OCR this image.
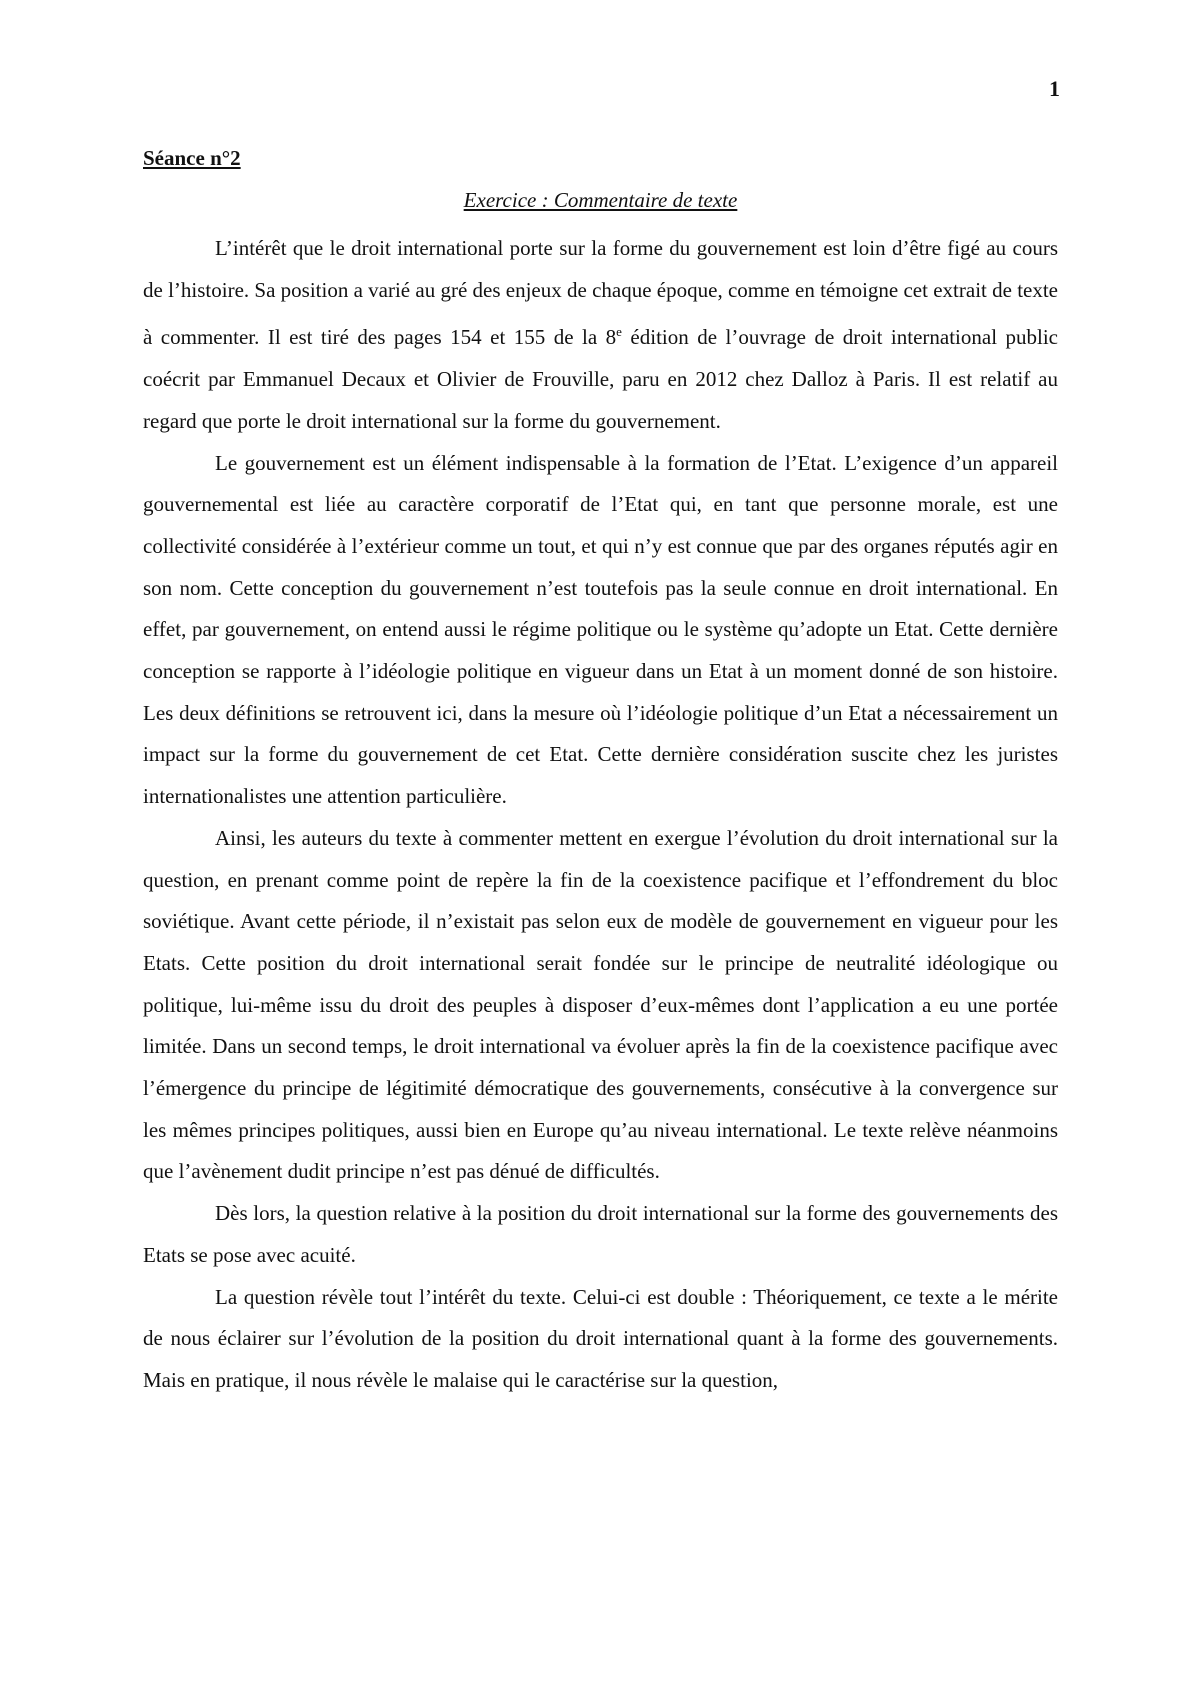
1
Séance n°2
Exercice : Commentaire de texte

L’intérêt que le droit international porte sur la forme du gouvernement est loin d’être figé au cours de l’histoire. Sa position a varié au gré des enjeux de chaque époque, comme en témoigne cet extrait de texte à commenter. Il est tiré des pages 154 et 155 de la 8e édition de l’ouvrage de droit international public coécrit par Emmanuel Decaux et Olivier de Frouville, paru en 2012 chez Dalloz à Paris. Il est relatif au regard que porte le droit international sur la forme du gouvernement.

Le gouvernement est un élément indispensable à la formation de l’Etat. L’exigence d’un appareil gouvernemental est liée au caractère corporatif de l’Etat qui, en tant que personne morale, est une collectivité considérée à l’extérieur comme un tout, et qui n’y est connue que par des organes réputés agir en son nom. Cette conception du gouvernement n’est toutefois pas la seule connue en droit international. En effet, par gouvernement, on entend aussi le régime politique ou le système qu’adopte un Etat. Cette dernière conception se rapporte à l’idéologie politique en vigueur dans un Etat à un moment donné de son histoire. Les deux définitions se retrouvent ici, dans la mesure où l’idéologie politique d’un Etat a nécessairement un impact sur la forme du gouvernement de cet Etat. Cette dernière considération suscite chez les juristes internationalistes une attention particulière.

Ainsi, les auteurs du texte à commenter mettent en exergue l’évolution du droit international sur la question, en prenant comme point de repère la fin de la coexistence pacifique et l’effondrement du bloc soviétique. Avant cette période, il n’existait pas selon eux de modèle de gouvernement en vigueur pour les Etats. Cette position du droit international serait fondée sur le principe de neutralité idéologique ou politique, lui-même issu du droit des peuples à disposer d’eux-mêmes dont l’application a eu une portée limitée. Dans un second temps, le droit international va évoluer après la fin de la coexistence pacifique avec l’émergence du principe de légitimité démocratique des gouvernements, consécutive à la convergence sur les mêmes principes politiques, aussi bien en Europe qu’au niveau international. Le texte relève néanmoins que l’avènement dudit principe n’est pas dénué de difficultés.

Dès lors, la question relative à la position du droit international sur la forme des gouvernements des Etats se pose avec acuité.

La question révèle tout l’intérêt du texte. Celui-ci est double : Théoriquement, ce texte a le mérite de nous éclairer sur l’évolution de la position du droit international quant à la forme des gouvernements. Mais en pratique, il nous révèle le malaise qui le caractérise sur la question,
